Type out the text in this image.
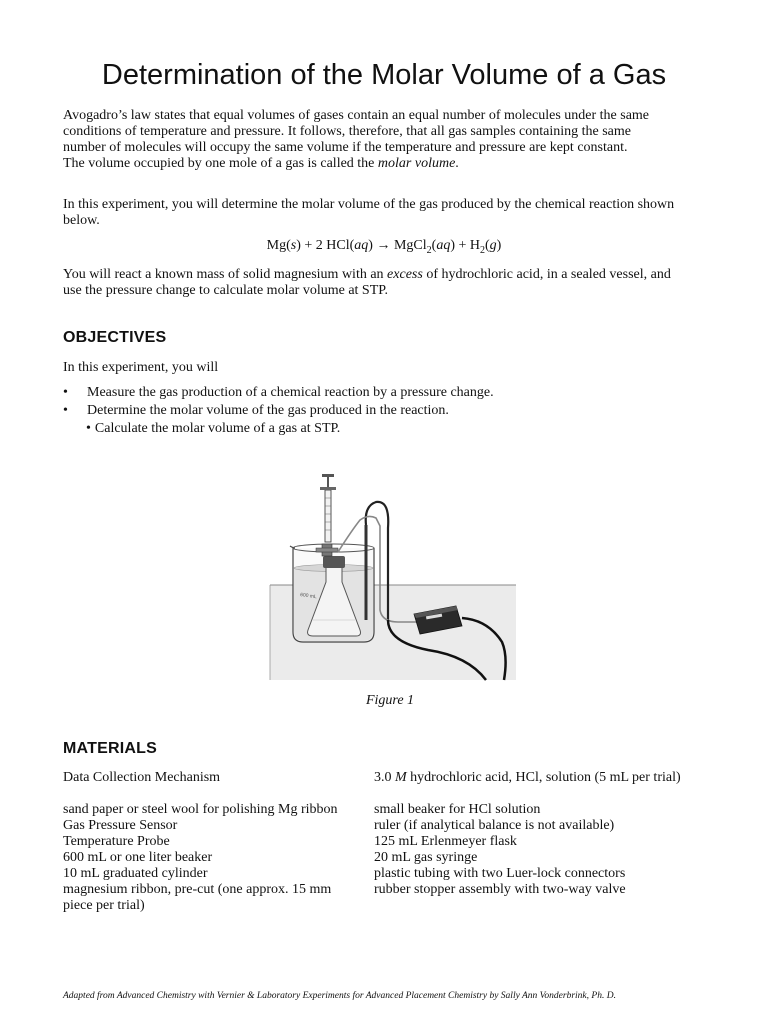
Determination of the Molar Volume of a Gas
Avogadro’s law states that equal volumes of gases contain an equal number of molecules under the same
conditions of temperature and pressure. It follows, therefore, that all gas samples containing the same
number of molecules will occupy the same volume if the temperature and pressure are kept constant.
The volume occupied by one mole of a gas is called the molar volume.
In this experiment, you will determine the molar volume of the gas produced by the chemical reaction shown
below.
Mg(s) + 2 HCl(aq) → MgCl$_2$(aq) + $H_2(g)$
You will react a known mass of solid magnesium with an excess of hydrochloric acid, in a sealed vessel, and
use the pressure change to calculate molar volume at STP.
OBJECTIVES
In this experiment, you will
• Measure the gas production of a chemical reaction by a pressure change.
• Determine the molar volume of the gas produced in the reaction.
• Calculate the molar volume of a gas at STP.
600 mL
Figure 1
MATERIALS
Data Collection Mechanism
sand paper or steel wool for polishing Mg ribbon
Gas Pressure Sensor
Temperature Probe
600 mL or one liter beaker
10 mL graduated cylinder
magnesium ribbon, pre-cut (one approx. 15 mm
piece per trial)
3.0 M hydrochloric acid, HCl, solution (5 mL per trial)
small beaker for HCl solution
ruler (if analytical balance is not available)
125 mL Erlenmeyer flask
20 mL gas syringe
plastic tubing with two Luer-lock connectors
rubber stopper assembly with two-way valve
Adapted from Advanced Chemistry with Vernier & Laboratory Experiments for Advanced Placement Chemistry by Sally Ann Vonderbrink, Ph. D.
